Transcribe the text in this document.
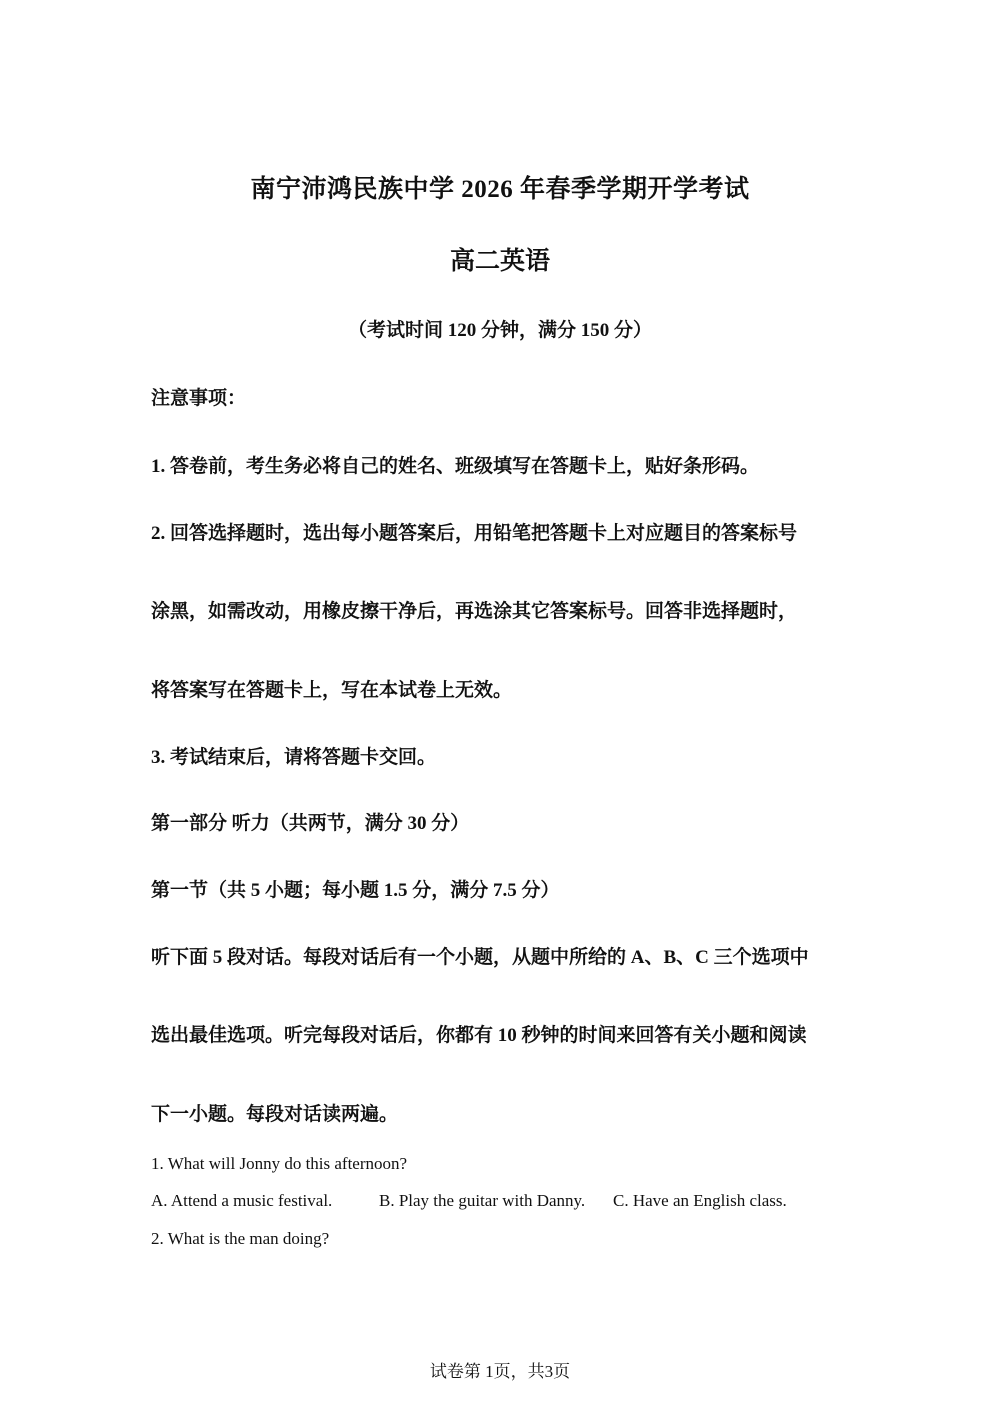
南宁沛鸿民族中学 2026 年春季学期开学考试
高二英语
（考试时间 120 分钟，满分 150 分）
注意事项：
1. 答卷前，考生务必将自己的姓名、班级填写在答题卡上，贴好条形码。
2. 回答选择题时，选出每小题答案后，用铅笔把答题卡上对应题目的答案标号
涂黑，如需改动，用橡皮擦干净后，再选涂其它答案标号。回答非选择题时，
将答案写在答题卡上，写在本试卷上无效。
3. 考试结束后，请将答题卡交回。
第一部分 听力（共两节，满分 30 分）
第一节（共 5 小题；每小题 1.5 分，满分 7.5 分）
听下面 5 段对话。每段对话后有一个小题，从题中所给的 A、B、C 三个选项中
选出最佳选项。听完每段对话后，你都有 10 秒钟的时间来回答有关小题和阅读
下一小题。每段对话读两遍。
1. What will Jonny do this afternoon?
A. Attend a music festival.	B. Play the guitar with Danny. C. Have an English class.
2. What is the man doing?
试卷第 1页，共3页
